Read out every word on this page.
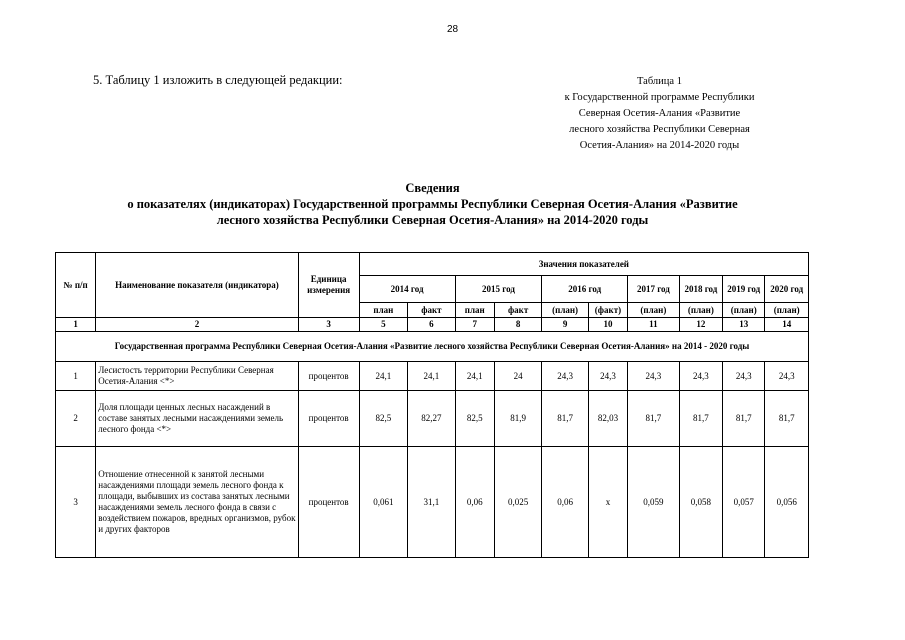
28
5. Таблицу 1 изложить в следующей редакции:	Таблица 1
к Государственной программе Республики
Северная Осетия-Алания «Развитие
лесного хозяйства Республики Северная
Осетия-Алания» на 2014-2020 годы
Сведения
о показателях (индикаторах) Государственной программы Республики Северная Осетия-Алания «Развитие
лесного хозяйства Республики Северная Осетия-Алания» на 2014-2020 годы
№ п/п	Наименование показателя (индикатора)	Единица измерения	Значения показателей									
			2014 год		2015 год		2016 год		2017 год	2018 год	2019 год	2020 год
			план	факт	план	факт	(план)	(факт)	(план)	(план)	(план)	(план)
1	2	3	5	6	7	8	9	10	11	12	13	14
Государственная программа Республики Северная Осетия-Алания «Развитие лесного хозяйства Республики Северная Осетия-Алания» на 2014 - 2020 годы												
1	Лесистость территории Республики Северная Осетия-Алания <*>	процентов	24,1	24,1	24,1	24	24,3	24,3	24,3	24,3	24,3	24,3
2	Доля площади ценных лесных насаждений в составе занятых лесными насаждениями земель лесного фонда <*>	процентов	82,5	82,27	82,5	81,9	81,7	82,03	81,7	81,7	81,7	81,7
3	Отношение отнесенной к занятой лесными насаждениями площади земель лесного фонда к площади, выбывших из состава занятых лесными насаждениями земель лесного фонда в связи с воздействием пожаров, вредных организмов, рубок и других факторов	процентов	0,061	31,1	0,06	0,025	0,06	x	0,059	0,058	0,057	0,056
